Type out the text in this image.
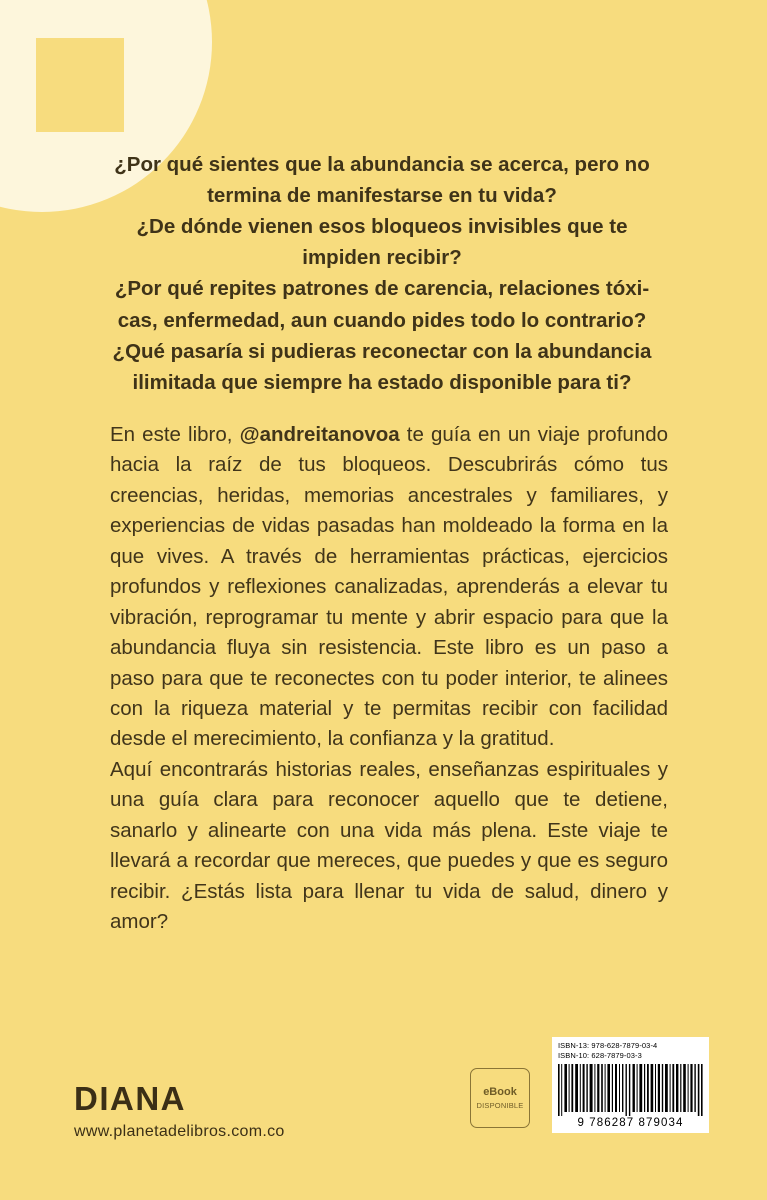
¿Por qué sientes que la abundancia se acerca, pero no

termina de manifestarse en tu vida?

¿De dónde vienen esos bloqueos invisibles que te

impiden recibir?

¿Por qué repites patrones de carencia, relaciones tóxi-

cas, enfermedad, aun cuando pides todo lo contrario?

¿Qué pasaría si pudieras reconectar con la abundancia

ilimitada que siempre ha estado disponible para ti?

En este libro, @andreitanovoa te guía en un viaje profundo hacia la raíz de tus bloqueos. Descubrirás cómo tus creencias, heridas, memorias ancestrales y familiares, y experiencias de vidas pasadas han moldeado la forma en la que vives. A través de herramientas prácticas, ejercicios profundos y reflexiones canalizadas, aprenderás a elevar tu vibración, reprogramar tu mente y abrir espacio para que la abundancia fluya sin resistencia. Este libro es un paso a paso para que te reconectes con tu poder interior, te alinees con la riqueza material y te permitas recibir con facilidad desde el merecimiento, la confianza y la gratitud.

Aquí encontrarás historias reales, enseñanzas espirituales y una guía clara para reconocer aquello que te detiene, sanarlo y alinearte con una vida más plena. Este viaje te llevará a recordar que mereces, que puedes y que es seguro recibir. ¿Estás lista para llenar tu vida de salud, dinero y amor?

DIANA
www.planetadelibros.com.co
eBook
DISPONIBLE
ISBN-13: 978-628-7879-03-4
ISBN-10: 628-7879-03-3
9 786287 879034
